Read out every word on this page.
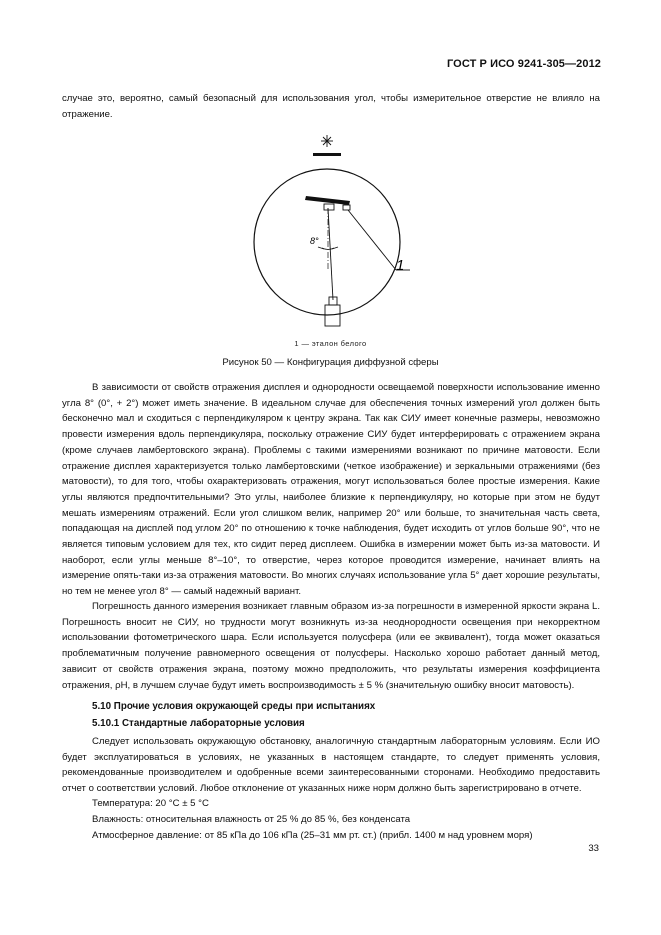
ГОСТ Р ИСО 9241-305—2012

случае это, вероятно, самый безопасный для использования угол, чтобы измерительное отверстие не влияло на отражение.

8°
1
1 — эталон белого
Рисунок 50 — Конфигурация диффузной сферы

В зависимости от свойств отражения дисплея и однородности освещаемой поверхности использование именно угла 8° (0°, + 2°) может иметь значение. В идеальном случае для обеспечения точных измерений угол должен быть бесконечно мал и сходиться с перпендикуляром к центру экрана. Так как СИУ имеет конечные размеры, невозможно провести измерения вдоль перпендикуляра, поскольку отражение СИУ будет интерферировать с отражением экрана (кроме случаев ламбертовского экрана). Проблемы с такими измерениями возникают по причине матовости. Если отражение дисплея характеризуется только ламбертовскими (четкое изображение) и зеркальными отражениями (без матовости), то для того, чтобы охарактеризовать отражения, могут использоваться более простые измерения. Какие углы являются предпочтительными? Это углы, наиболее близкие к перпендикуляру, но которые при этом не будут мешать измерениям отражений. Если угол слишком велик, например 20° или больше, то значительная часть света, попадающая на дисплей под углом 20° по отношению к точке наблюдения, будет исходить от углов больше 90°, что не является типовым условием для тех, кто сидит перед дисплеем. Ошибка в измерении может быть из-за матовости. И наоборот, если углы меньше 8°–10°, то отверстие, через которое проводится измерение, начинает влиять на измерение опять-таки из-за отражения матовости. Во многих случаях использование угла 5° дает хорошие результаты, но тем не менее угол 8° — самый надежный вариант.

Погрешность данного измерения возникает главным образом из-за погрешности в измеренной яркости экрана L. Погрешность вносит не СИУ, но трудности могут возникнуть из-за неоднородности освещения при некорректном использовании фотометрического шара. Если используется полусфера (или ее эквивалент), тогда может оказаться проблематичным получение равномерного освещения от полусферы. Насколько хорошо работает данный метод, зависит от свойств отражения экрана, поэтому можно предположить, что результаты измерения коэффициента отражения, ρH, в лучшем случае будут иметь воспроизводимость ± 5 % (значительную ошибку вносит матовость).

5.10 Прочие условия окружающей среды при испытаниях

5.10.1 Стандартные лабораторные условия

Следует использовать окружающую обстановку, аналогичную стандартным лабораторным условиям. Если ИО будет эксплуатироваться в условиях, не указанных в настоящем стандарте, то следует применять условия, рекомендованные производителем и одобренные всеми заинтересованными сторонами. Необходимо предоставить отчет о соответствии условий. Любое отклонение от указанных ниже норм должно быть зарегистрировано в отчете.

Температура: 20 °C ± 5 °C

Влажность: относительная влажность от 25 % до 85 %, без конденсата

Атмосферное давление: от 85 кПа до 106 кПа (25–31 мм рт. ст.) (прибл. 1400 м над уровнем моря)

33
